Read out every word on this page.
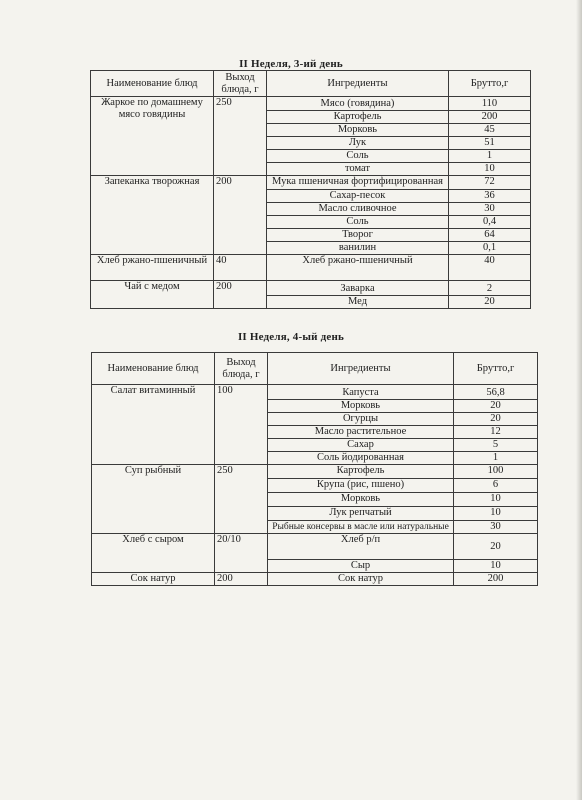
II Неделя, 3-ий день
Наименование блюд	Выход блюда, г	Ингредиенты	Брутто,г
Жаркое по домашнему мясо говядины	250	Мясо (говядина)	110
		Картофель	200
		Морковь	45
		Лук	51
		Соль	1
		томат	10
Запеканка творожная	200	Мука пшеничная фортифицированная	72
		Сахар-песок	36
		Масло сливочное	30
		Соль	0,4
		Творог	64
		ванилин	0,1
Хлеб ржано-пшеничный	40	Хлеб ржано-пшеничный	40
Чай с медом	200	Заварка	2
		Мед	20
II Неделя, 4-ый день
Наименование блюд	Выход блюда, г	Ингредиенты	Брутто,г
Салат витаминный	100	Капуста	56,8
		Морковь	20
		Огурцы	20
		Масло растительное	12
		Сахар	5
		Соль йодированная	1
Суп рыбный	250	Картофель	100
		Крупа (рис, пшено)	6
		Морковь	10
		Лук репчатый	10
		Рыбные консервы в масле или натуральные	30
Хлеб с сыром	20/10	Хлеб р/п	20
		Сыр	10
Сок натур	200	Сок натур	200
